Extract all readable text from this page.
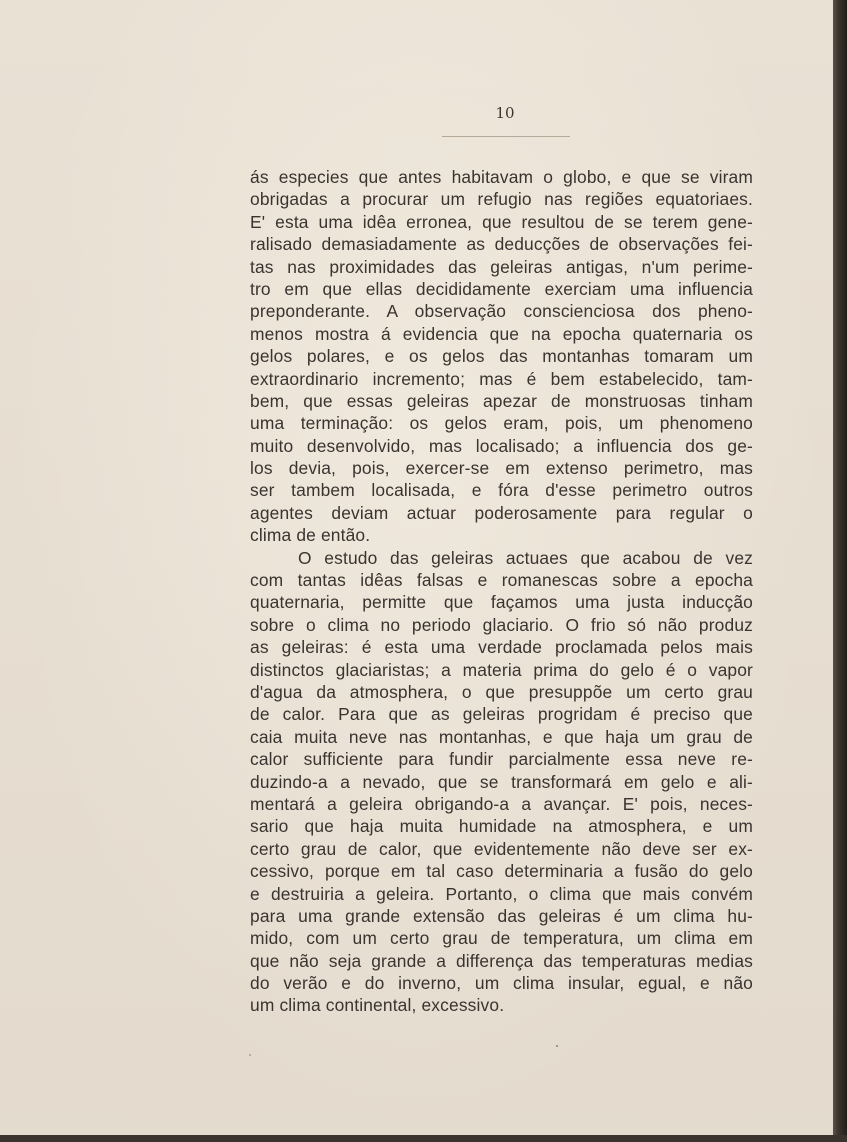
10
ás especies que antes habitavam o globo, e que se viram
obrigadas a procurar um refugio nas regiões equatoriaes.
E' esta uma idêa erronea, que resultou de se terem gene-
ralisado demasiadamente as deducções de observações fei-
tas nas proximidades das geleiras antigas, n'um perime-
tro em que ellas decididamente exerciam uma influencia
preponderante. A observação conscienciosa dos pheno-
menos mostra á evidencia que na epocha quaternaria os
gelos polares, e os gelos das montanhas tomaram um
extraordinario incremento; mas é bem estabelecido, tam-
bem, que essas geleiras apezar de monstruosas tinham
uma terminação: os gelos eram, pois, um phenomeno
muito desenvolvido, mas localisado; a influencia dos ge-
los devia, pois, exercer-se em extenso perimetro, mas
ser tambem localisada, e fóra d'esse perimetro outros
agentes deviam actuar poderosamente para regular o
clima de então.
O estudo das geleiras actuaes que acabou de vez
com tantas idêas falsas e romanescas sobre a epocha
quaternaria, permitte que façamos uma justa inducção
sobre o clima no periodo glaciario. O frio só não produz
as geleiras: é esta uma verdade proclamada pelos mais
distinctos glaciaristas; a materia prima do gelo é o vapor
d'agua da atmosphera, o que presuppõe um certo grau
de calor. Para que as geleiras progridam é preciso que
caia muita neve nas montanhas, e que haja um grau de
calor sufficiente para fundir parcialmente essa neve re-
duzindo-a a nevado, que se transformará em gelo e ali-
mentará a geleira obrigando-a a avançar. E' pois, neces-
sario que haja muita humidade na atmosphera, e um
certo grau de calor, que evidentemente não deve ser ex-
cessivo, porque em tal caso determinaria a fusão do gelo
e destruiria a geleira. Portanto, o clima que mais convém
para uma grande extensão das geleiras é um clima hu-
mido, com um certo grau de temperatura, um clima em
que não seja grande a differença das temperaturas medias
do verão e do inverno, um clima insular, egual, e não
um clima continental, excessivo.
